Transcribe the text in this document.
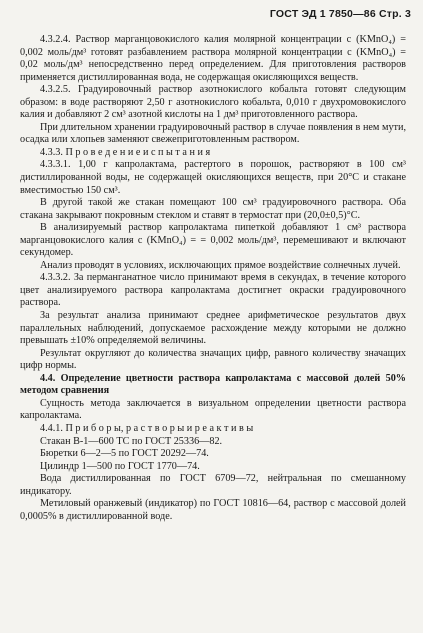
ГОСТ ЭД 1 7850—86 Стр. 3

4.3.2.4. Раствор марганцовокислого калия молярной концентрации с (KMnO₄) = 0,002 моль/дм³ готовят разбавлением раствора молярной концентрации с (KMnO₄) = 0,02 моль/дм³ непосредственно перед определением. Для приготовления растворов применяется дистиллированная вода, не содержащая окисляющихся веществ.

4.3.2.5. Градуировочный раствор азотнокислого кобальта готовят следующим образом: в воде растворяют 2,50 г азотнокислого кобальта, 0,010 г двухромовокислого калия и добавляют 2 см³ азотной кислоты на 1 дм³ приготовленного раствора.

При длительном хранении градуировочный раствор в случае появления в нем мути, осадка или хлопьев заменяют свежеприготовленным раствором.

4.3.3. П р о в е д е н и е и с п ы т а н и я

4.3.3.1. 1,00 г капролактама, растертого в порошок, растворяют в 100 см³ дистиллированной воды, не содержащей окисляющихся веществ, при 20°С и стакане вместимостью 150 см³.

В другой такой же стакан помещают 100 см³ градуировочного раствора. Оба стакана закрывают покровным стеклом и ставят в термостат при (20,0±0,5)°С.

В анализируемый раствор капролактама пипеткой добавляют 1 см³ раствора марганцовокислого калия с (KMnO₄) = = 0,002 моль/дм³, перемешивают и включают секундомер.

Анализ проводят в условиях, исключающих прямое воздействие солнечных лучей.

4.3.3.2. За перманганатное число принимают время в секундах, в течение которого цвет анализируемого раствора капролактама достигнет окраски градуировочного раствора.

За результат анализа принимают среднее арифметическое результатов двух параллельных наблюдений, допускаемое расхождение между которыми не должно превышать ±10% определяемой величины.

Результат округляют до количества значащих цифр, равного количеству значащих цифр нормы.

4.4. Определение цветности раствора капролактама с массовой долей 50% методом сравнения

Сущность метода заключается в визуальном определении цветности раствора капролактама.

4.4.1. П р и б о р ы, р а с т в о р ы и р е а к т и в ы

Стакан В-1—600 ТС по ГОСТ 25336—82.

Бюретки 6—2—5 по ГОСТ 20292—74.

Цилиндр 1—500 по ГОСТ 1770—74.

Вода дистиллированная по ГОСТ 6709—72, нейтральная по смешанному индикатору.

Метиловый оранжевый (индикатор) по ГОСТ 10816—64, раствор с массовой долей 0,0005% в дистиллированной воде.
